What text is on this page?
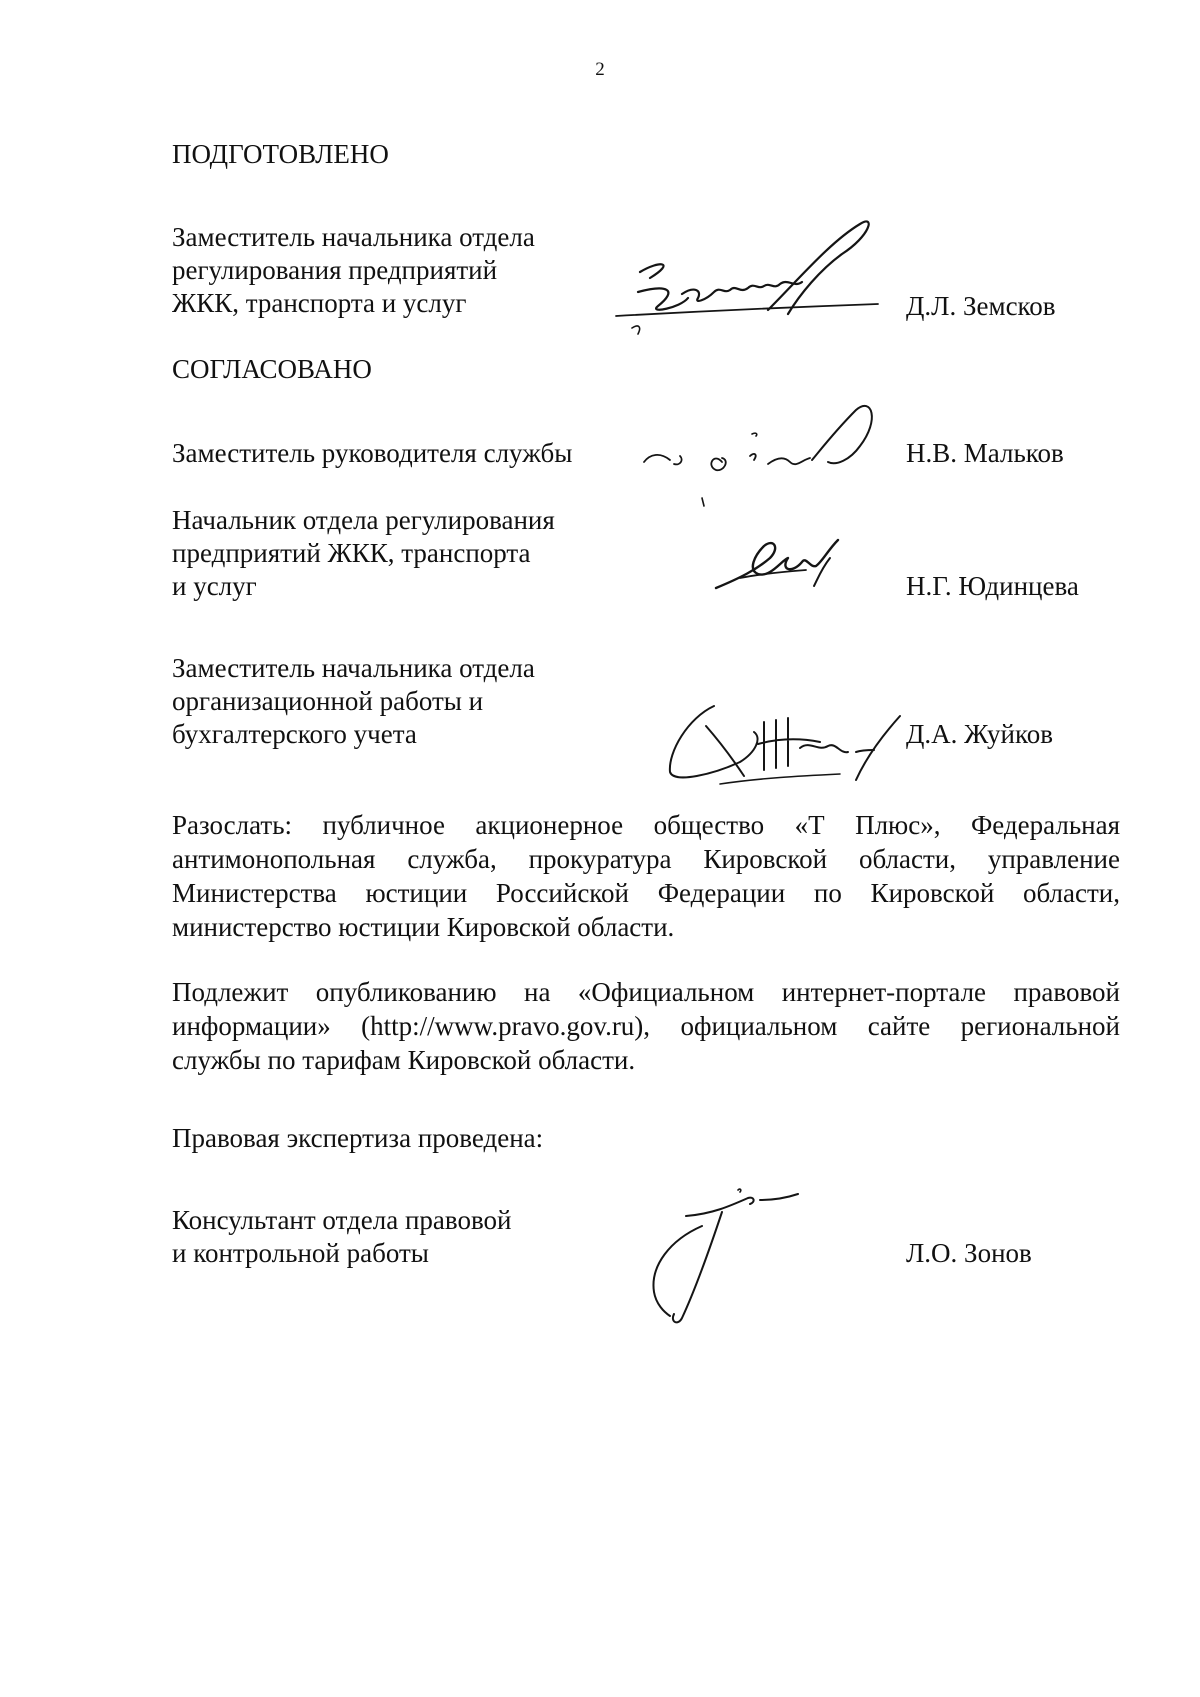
2
ПОДГОТОВЛЕНО
Заместитель начальника отдела
регулирования предприятий
ЖКК, транспорта и услуг	Д.Л. Земсков
СОГЛАСОВАНО
Заместитель руководителя службы	Н.В. Мальков
Начальник отдела регулирования
предприятий ЖКК, транспорта
и услуг	Н.Г. Юдинцева
Заместитель начальника отдела
организационной работы и
бухгалтерского учета	Д.А. Жуйков
Разослать: публичное акционерное общество «Т Плюс», Федеральная антимонопольная служба, прокуратура Кировской области, управление Министерства юстиции Российской Федерации по Кировской области, министерство юстиции Кировской области.
Подлежит опубликованию на «Официальном интернет-портале правовой информации» (http://www.pravo.gov.ru), официальном сайте региональной службы по тарифам Кировской области.
Правовая экспертиза проведена:
Консультант отдела правовой
и контрольной работы	Л.О. Зонов
